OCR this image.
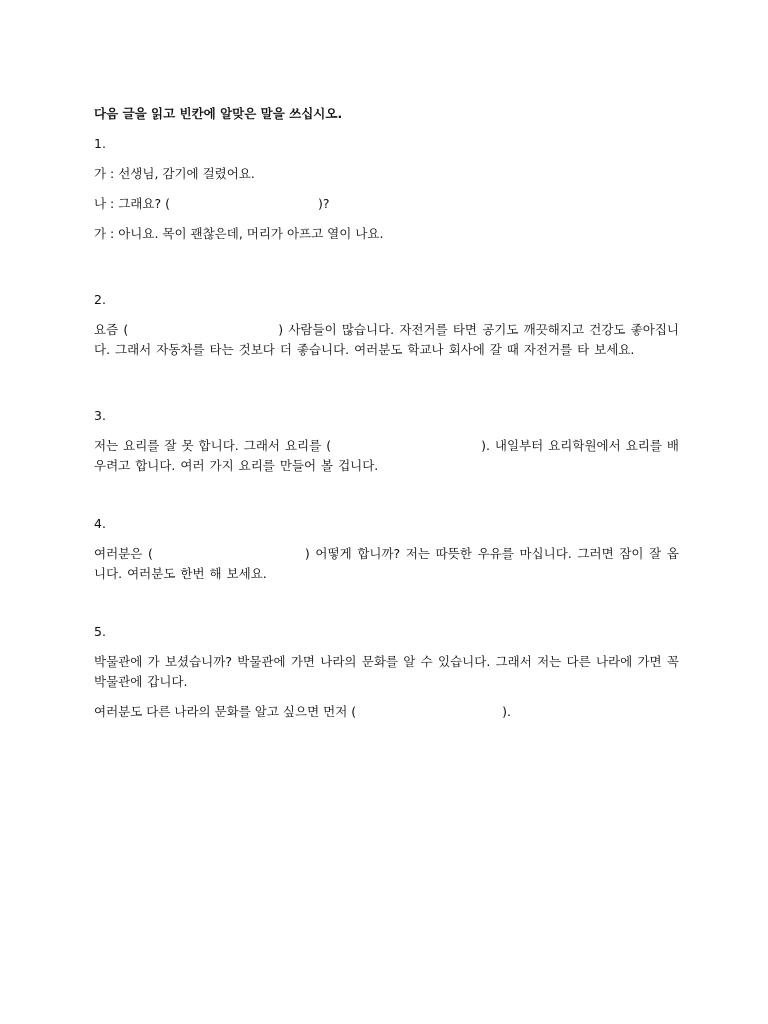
다음 글을 읽고 빈칸에 알맞은 말을 쓰십시오.
1.
가 : 선생님, 감기에 걸렸어요.
나 : 그래요? (	)?
가 : 아니요. 목이 괜찮은데, 머리가 아프고 열이 나요.
2.
요즘 (	) 사람들이 많습니다. 자전거를 타면 공기도 깨끗해지고 건강도 좋아집니다. 그래서 자동차를 타는 것보다 더 좋습니다. 여러분도 학교나 회사에 갈 때 자전거를 타 보세요.
3.
저는 요리를 잘 못 합니다. 그래서 요리를 (	). 내일부터 요리학원에서 요리를 배우려고 합니다. 여러 가지 요리를 만들어 볼 겁니다.
4.
여러분은 (	) 어떻게 합니까? 저는 따뜻한 우유를 마십니다. 그러면 잠이 잘 옵니다. 여러분도 한번 해 보세요.
5.
박물관에 가 보셨습니까? 박물관에 가면 나라의 문화를 알 수 있습니다. 그래서 저는 다른 나라에 가면 꼭 박물관에 갑니다.
여러분도 다른 나라의 문화를 알고 싶으면 먼저 (	).
